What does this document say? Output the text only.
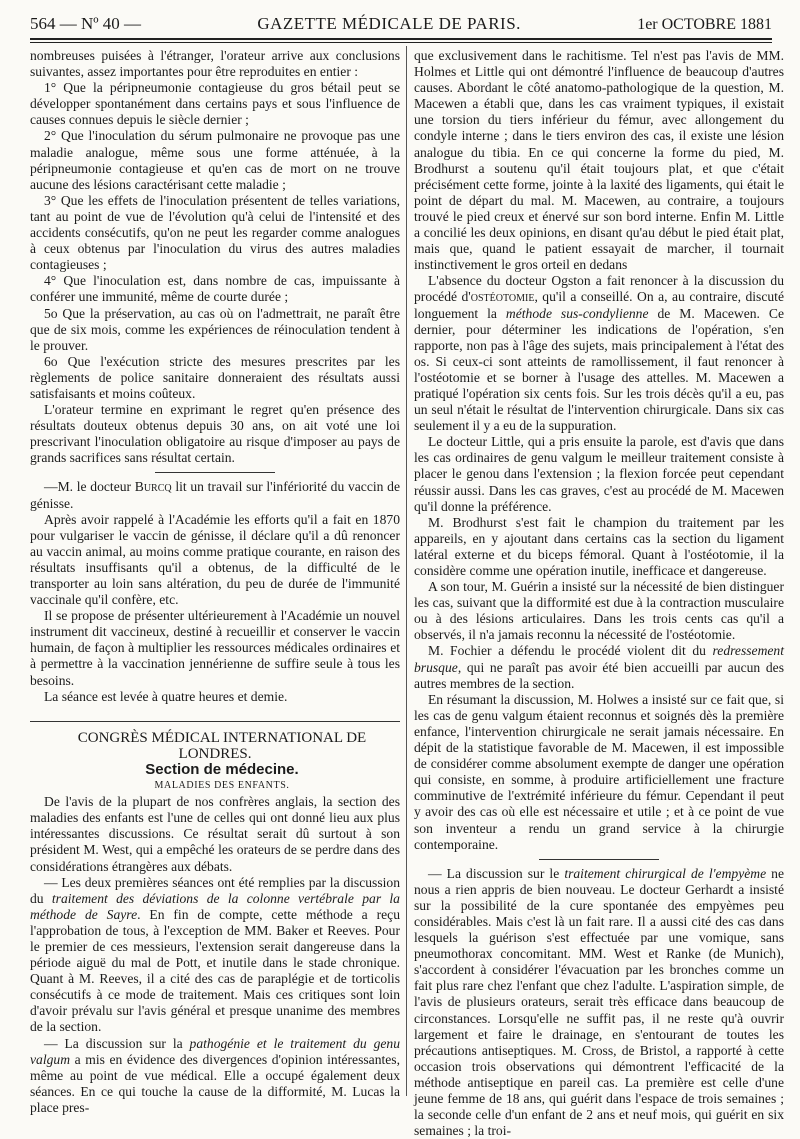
564 — Nº 40 —	GAZETTE MÉDICALE DE PARIS.	1er OCTOBRE 1881

nombreuses puisées à l'étranger, l'orateur arrive aux conclusions suivantes, assez importantes pour être reproduites en entier :

1° Que la péripneumonie contagieuse du gros bétail peut se développer spontanément dans certains pays et sous l'influence de causes connues depuis le siècle dernier ;

2° Que l'inoculation du sérum pulmonaire ne provoque pas une maladie analogue, même sous une forme atténuée, à la péripneumonie contagieuse et qu'en cas de mort on ne trouve aucune des lésions caractérisant cette maladie ;

3° Que les effets de l'inoculation présentent de telles variations, tant au point de vue de l'évolution qu'à celui de l'intensité et des accidents consécutifs, qu'on ne peut les regarder comme analogues à ceux obtenus par l'inoculation du virus des autres maladies contagieuses ;

4° Que l'inoculation est, dans nombre de cas, impuissante à conférer une immunité, même de courte durée ;

5o Que la préservation, au cas où on l'admettrait, ne paraît être que de six mois, comme les expériences de réinoculation tendent à le prouver.

6o Que l'exécution stricte des mesures prescrites par les règlements de police sanitaire donneraient des résultats aussi satisfaisants et moins coûteux.

L'orateur termine en exprimant le regret qu'en présence des résultats douteux obtenus depuis 30 ans, on ait voté une loi prescrivant l'inoculation obligatoire au risque d'imposer au pays de grands sacrifices sans résultat certain.

—M. le docteur Burcq lit un travail sur l'infériorité du vaccin de génisse.

Après avoir rappelé à l'Académie les efforts qu'il a fait en 1870 pour vulgariser le vaccin de génisse, il déclare qu'il a dû renoncer au vaccin animal, au moins comme pratique courante, en raison des résultats insuffisants qu'il a obtenus, de la difficulté de le transporter au loin sans altération, du peu de durée de l'immunité vaccinale qu'il confère, etc.

Il se propose de présenter ultérieurement à l'Académie un nouvel instrument dit vaccineux, destiné à recueillir et conserver le vaccin humain, de façon à multiplier les ressources médicales ordinaires et à permettre à la vaccination jennérienne de suffire seule à tous les besoins.

La séance est levée à quatre heures et demie.

CONGRÈS MÉDICAL INTERNATIONAL DE LONDRES.

Section de médecine.

MALADIES DES ENFANTS.

De l'avis de la plupart de nos confrères anglais, la section des maladies des enfants est l'une de celles qui ont donné lieu aux plus intéressantes discussions. Ce résultat serait dû surtout à son président M. West, qui a empêché les orateurs de se perdre dans des considérations étrangères aux débats.

— Les deux premières séances ont été remplies par la discussion du traitement des déviations de la colonne vertébrale par la méthode de Sayre. En fin de compte, cette méthode a reçu l'approbation de tous, à l'exception de MM. Baker et Reeves. Pour le premier de ces messieurs, l'extension serait dangereuse dans la période aiguë du mal de Pott, et inutile dans le stade chronique. Quant à M. Reeves, il a cité des cas de paraplégie et de torticolis consécutifs à ce mode de traitement. Mais ces critiques sont loin d'avoir prévalu sur l'avis général et presque unanime des membres de la section.

— La discussion sur la pathogénie et le traitement du genu valgum a mis en évidence des divergences d'opinion intéressantes, même au point de vue médical. Elle a occupé également deux séances. En ce qui touche la cause de la difformité, M. Lucas la place pres-

que exclusivement dans le rachitisme. Tel n'est pas l'avis de MM. Holmes et Little qui ont démontré l'influence de beaucoup d'autres causes. Abordant le côté anatomo-pathologique de la question, M. Macewen a établi que, dans les cas vraiment typiques, il existait une torsion du tiers inférieur du fémur, avec allongement du condyle interne ; dans le tiers environ des cas, il existe une lésion analogue du tibia. En ce qui concerne la forme du pied, M. Brodhurst a soutenu qu'il était toujours plat, et que c'était précisément cette forme, jointe à la laxité des ligaments, qui était le point de départ du mal. M. Macewen, au contraire, a toujours trouvé le pied creux et énervé sur son bord interne. Enfin M. Little a concilié les deux opinions, en disant qu'au début le pied était plat, mais que, quand le patient essayait de marcher, il tournait instinctivement le gros orteil en dedans

L'absence du docteur Ogston a fait renoncer à la discussion du procédé d'ostéotomie, qu'il a conseillé. On a, au contraire, discuté longuement la méthode sus-condylienne de M. Macewen. Ce dernier, pour déterminer les indications de l'opération, s'en rapporte, non pas à l'âge des sujets, mais principalement à l'état des os. Si ceux-ci sont atteints de ramollissement, il faut renoncer à l'ostéotomie et se borner à l'usage des attelles. M. Macewen a pratiqué l'opération six cents fois. Sur les trois décès qu'il a eu, pas un seul n'était le résultat de l'intervention chirurgicale. Dans six cas seulement il y a eu de la suppuration.

Le docteur Little, qui a pris ensuite la parole, est d'avis que dans les cas ordinaires de genu valgum le meilleur traitement consiste à placer le genou dans l'extension ; la flexion forcée peut cependant réussir aussi. Dans les cas graves, c'est au procédé de M. Macewen qu'il donne la préférence.

M. Brodhurst s'est fait le champion du traitement par les appareils, en y ajoutant dans certains cas la section du ligament latéral externe et du biceps fémoral. Quant à l'ostéotomie, il la considère comme une opération inutile, inefficace et dangereuse.

A son tour, M. Guérin a insisté sur la nécessité de bien distinguer les cas, suivant que la difformité est due à la contraction musculaire ou à des lésions articulaires. Dans les trois cents cas qu'il a observés, il n'a jamais reconnu la nécessité de l'ostéotomie.

M. Fochier a défendu le procédé violent dit du redressement brusque, qui ne paraît pas avoir été bien accueilli par aucun des autres membres de la section.

En résumant la discussion, M. Holwes a insisté sur ce fait que, si les cas de genu valgum étaient reconnus et soignés dès la première enfance, l'intervention chirurgicale ne serait jamais nécessaire. En dépit de la statistique favorable de M. Macewen, il est impossible de considérer comme absolument exempte de danger une opération qui consiste, en somme, à produire artificiellement une fracture comminutive de l'extrémité inférieure du fémur. Cependant il peut y avoir des cas où elle est nécessaire et utile ; et à ce point de vue son inventeur a rendu un grand service à la chirurgie contemporaine.

— La discussion sur le traitement chirurgical de l'empyème ne nous a rien appris de bien nouveau. Le docteur Gerhardt a insisté sur la possibilité de la cure spontanée des empyèmes peu considérables. Mais c'est là un fait rare. Il a aussi cité des cas dans lesquels la guérison s'est effectuée par une vomique, sans pneumothorax concomitant. MM. West et Ranke (de Munich), s'accordent à considérer l'évacuation par les bronches comme un fait plus rare chez l'enfant que chez l'adulte. L'aspiration simple, de l'avis de plusieurs orateurs, serait très efficace dans beaucoup de circonstances. Lorsqu'elle ne suffit pas, il ne reste qu'à ouvrir largement et faire le drainage, en s'entourant de toutes les précautions antiseptiques. M. Cross, de Bristol, a rapporté à cette occasion trois observations qui démontrent l'efficacité de la méthode antiseptique en pareil cas. La première est celle d'une jeune femme de 18 ans, qui guérit dans l'espace de trois semaines ; la seconde celle d'un enfant de 2 ans et neuf mois, qui guérit en six semaines ; la troi-
